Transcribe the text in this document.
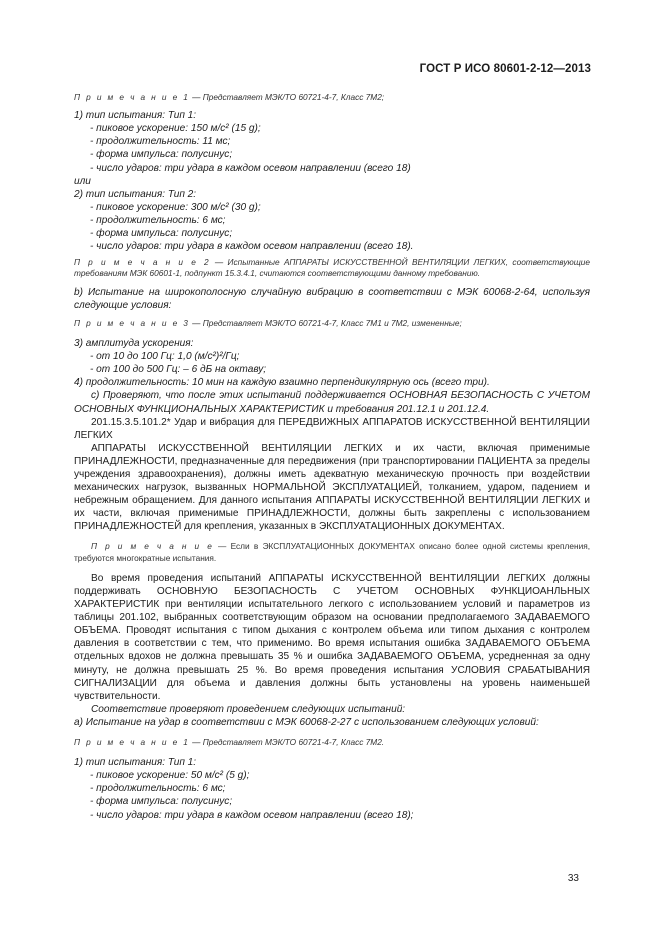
ГОСТ Р ИСО 80601-2-12—2013

П р и м е ч а н и е 1 — Представляет МЭК/ТО 60721-4-7, Класс 7М2;

1) тип испытания: Тип 1:

- пиковое ускорение: 150 м/с² (15 g);

- продолжительность: 11 мс;

- форма импульса: полусинус;

- число ударов: три удара в каждом осевом направлении (всего 18)

или

2) тип испытания: Тип 2:

- пиковое ускорение: 300 м/с² (30 g);

- продолжительность: 6 мс;

- форма импульса: полусинус;

- число ударов: три удара в каждом осевом направлении (всего 18).

П р и м е ч а н и е 2 — Испытанные АППАРАТЫ ИСКУССТВЕННОЙ ВЕНТИЛЯЦИИ ЛЕГКИХ, соответствующие требованиям МЭК 60601-1, подпункт 15.3.4.1, считаются соответствующими данному требованию.

b) Испытание на широкополосную случайную вибрацию в соответствии с МЭК 60068-2-64, используя следующие условия:

П р и м е ч а н и е 3 — Представляет МЭК/ТО 60721-4-7, Класс 7М1 и 7М2, измененные;

3) амплитуда ускорения:

- от 10 до 100 Гц: 1,0 (м/с²)²/Гц;

- от 100 до 500 Гц: – 6 дБ на октаву;

4) продолжительность: 10 мин на каждую взаимно перпендикулярную ось (всего три).

c) Проверяют, что после этих испытаний поддерживается ОСНОВНАЯ БЕЗОПАСНОСТЬ С УЧЕТОМ ОСНОВНЫХ ФУНКЦИОНАЛЬНЫХ ХАРАКТЕРИСТИК и требования 201.12.1 и 201.12.4.

201.15.3.5.101.2* Удар и вибрация для ПЕРЕДВИЖНЫХ АППАРАТОВ ИСКУССТВЕННОЙ ВЕНТИЛЯЦИИ ЛЕГКИХ

АППАРАТЫ ИСКУССТВЕННОЙ ВЕНТИЛЯЦИИ ЛЕГКИХ и их части, включая применимые ПРИНАДЛЕЖНОСТИ, предназначенные для передвижения (при транспортировании ПАЦИЕНТА за пределы учреждения здравоохранения), должны иметь адекватную механическую прочность при воздействии механических нагрузок, вызванных НОРМАЛЬНОЙ ЭКСПЛУАТАЦИЕЙ, толканием, ударом, падением и небрежным обращением. Для данного испытания АППАРАТЫ ИСКУССТВЕННОЙ ВЕНТИЛЯЦИИ ЛЕГКИХ и их части, включая применимые ПРИНАДЛЕЖНОСТИ, должны быть закреплены с использованием ПРИНАДЛЕЖНОСТЕЙ для крепления, указанных в ЭКСПЛУАТАЦИОННЫХ ДОКУМЕНТАХ.

П р и м е ч а н и е — Если в ЭКСПЛУАТАЦИОННЫХ ДОКУМЕНТАХ описано более одной системы крепления, требуются многократные испытания.

Во время проведения испытаний АППАРАТЫ ИСКУССТВЕННОЙ ВЕНТИЛЯЦИИ ЛЕГКИХ должны поддерживать ОСНОВНУЮ БЕЗОПАСНОСТЬ С УЧЕТОМ ОСНОВНЫХ ФУНКЦИОАНЛЬНЫХ ХАРАКТЕРИСТИК при вентиляции испытательного легкого с использованием условий и параметров из таблицы 201.102, выбранных соответствующим образом на основании предполагаемого ЗАДАВАЕМОГО ОБЪЕМА. Проводят испытания с типом дыхания с контролем объема или типом дыхания с контролем давления в соответствии с тем, что применимо. Во время испытания ошибка ЗАДАВАЕМОГО ОБЪЕМА отдельных вдохов не должна превышать 35 % и ошибка ЗАДАВАЕМОГО ОБЪЕМА, усредненная за одну минуту, не должна превышать 25 %. Во время проведения испытания УСЛОВИЯ СРАБАТЫВАНИЯ СИГНАЛИЗАЦИИ для объема и давления должны быть установлены на уровень наименьшей чувствительности.

Соответствие проверяют проведением следующих испытаний:

a) Испытание на удар в соответствии с МЭК 60068-2-27 с использованием следующих условий:

П р и м е ч а н и е 1 — Представляет МЭК/ТО 60721-4-7, Класс 7М2.

1) тип испытания: Тип 1:

- пиковое ускорение: 50 м/с² (5 g);

- продолжительность: 6 мс;

- форма импульса: полусинус;

- число ударов: три удара в каждом осевом направлении (всего 18);

33
